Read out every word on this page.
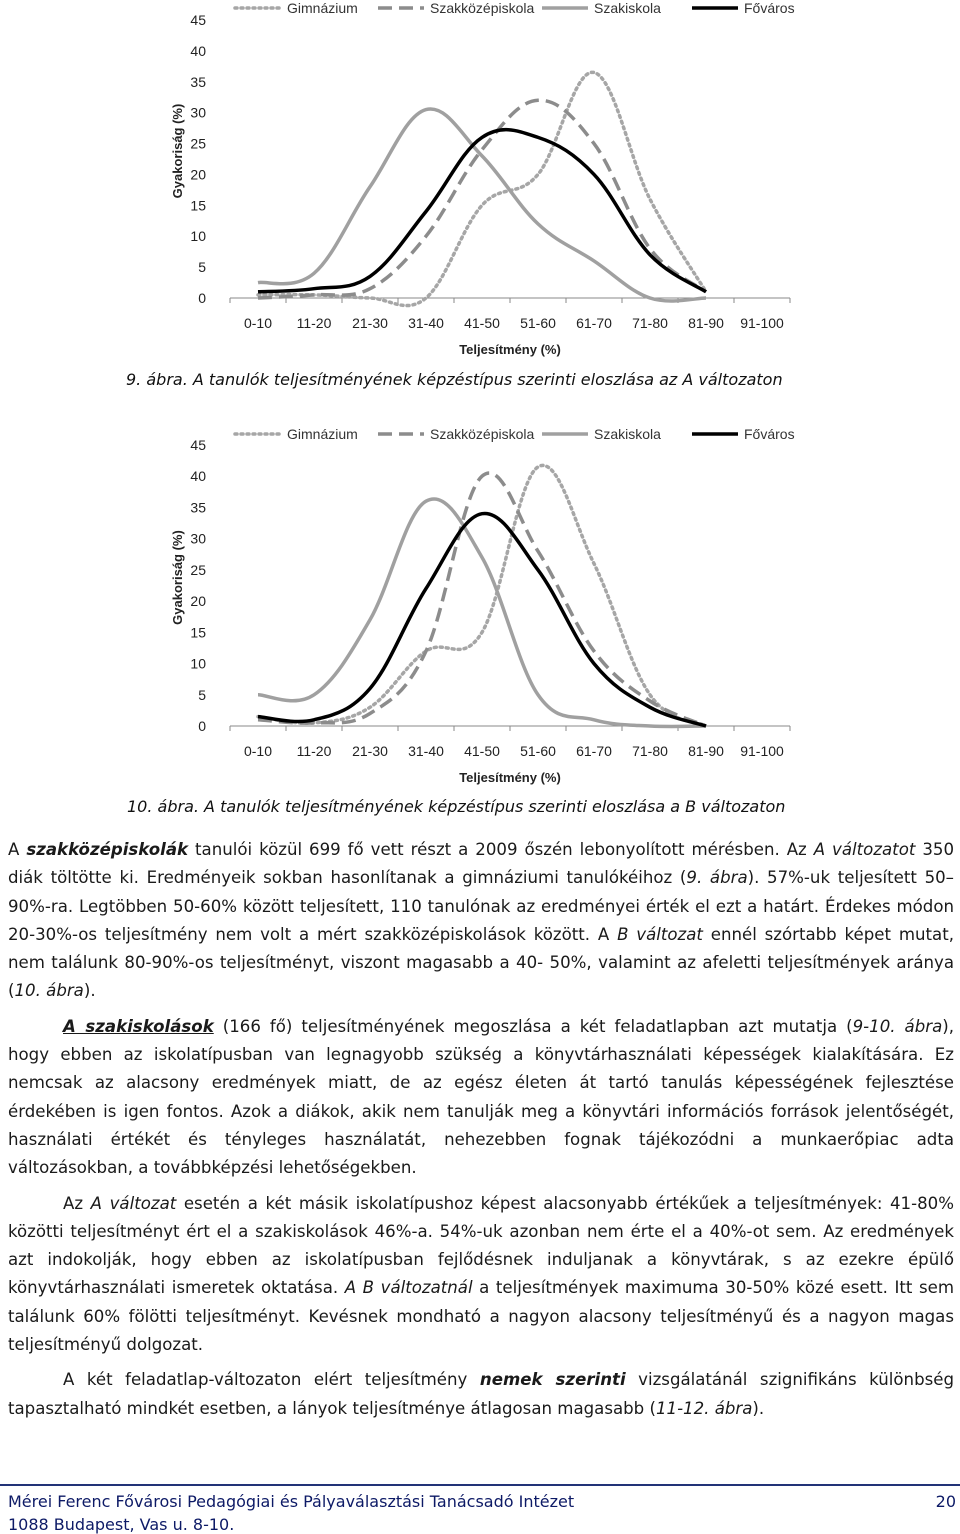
0-10 11-20 21-30 31-40 41-50 51-60 61-70 71-80 81-90 91-100
0
5
10
15
20
25
30
35
40
45
Gyakoriság (%)
Teljesítmény (%)
Gimnázium	Szakközépiskola	Szakiskola	Főváros
9. ábra. A tanulók teljesítményének képzéstípus szerinti eloszlása az A változaton
0-10 11-20 21-30 31-40 41-50 51-60 61-70 71-80 81-90 91-100
0
5
10
15
20
25
30
35
40
45
Gyakoriság (%)
Teljesítmény (%)
Gimnázium	Szakközépiskola	Szakiskola	Főváros
10. ábra. A tanulók teljesítményének képzéstípus szerinti eloszlása a B változaton

A szakközépiskolák tanulói közül 699 fő vett részt a 2009 őszén lebonyolított mérésben. Az A változatot 350 diák töltötte ki. Eredményeik sokban hasonlítanak a gimnáziumi tanulókéihoz (9. ábra). 57%-uk teljesített 50–90%-ra. Legtöbben 50-60% között teljesített, 110 tanulónak az eredményei érték el ezt a határt. Érdekes módon 20-30%-os teljesítmény nem volt a mért szakközépiskolások között. A B változat ennél szórtabb képet mutat, nem találunk 80-90%-os teljesítményt, viszont magasabb a 40- 50%, valamint az afeletti teljesítmények aránya (10. ábra).

A szakiskolások (166 fő) teljesítményének megoszlása a két feladatlapban azt mutatja (9-10. ábra), hogy ebben az iskolatípusban van legnagyobb szükség a könyvtárhasználati képességek kialakítására. Ez nemcsak az alacsony eredmények miatt, de az egész életen át tartó tanulás képességének fejlesztése érdekében is igen fontos. Azok a diákok, akik nem tanulják meg a könyvtári információs források jelentőségét, használati értékét és tényleges használatát, nehezebben fognak tájékozódni a munkaerőpiac adta változásokban, a továbbképzési lehetőségekben.

Az A változat esetén a két másik iskolatípushoz képest alacsonyabb értékűek a teljesítmények: 41-80% közötti teljesítményt ért el a szakiskolások 46%-a. 54%-uk azonban nem érte el a 40%-ot sem. Az eredmények azt indokolják, hogy ebben az iskolatípusban fejlődésnek induljanak a könyvtárak, s az ezekre épülő könyvtárhasználati ismeretek oktatása. A B változatnál a teljesítmények maximuma 30-50% közé esett. Itt sem találunk 60% fölötti teljesítményt. Kevésnek mondható a nagyon alacsony teljesítményű és a nagyon magas teljesítményű dolgozat.

A két feladatlap-változaton elért teljesítmény nemek szerinti vizsgálatánál szignifikáns különbség tapasztalható mindkét esetben, a lányok teljesítménye átlagosan magasabb (11-12. ábra).

Mérei Ferenc Fővárosi Pedagógiai és Pályaválasztási Tanácsadó Intézet	20
1088 Budapest, Vas u. 8-10.
